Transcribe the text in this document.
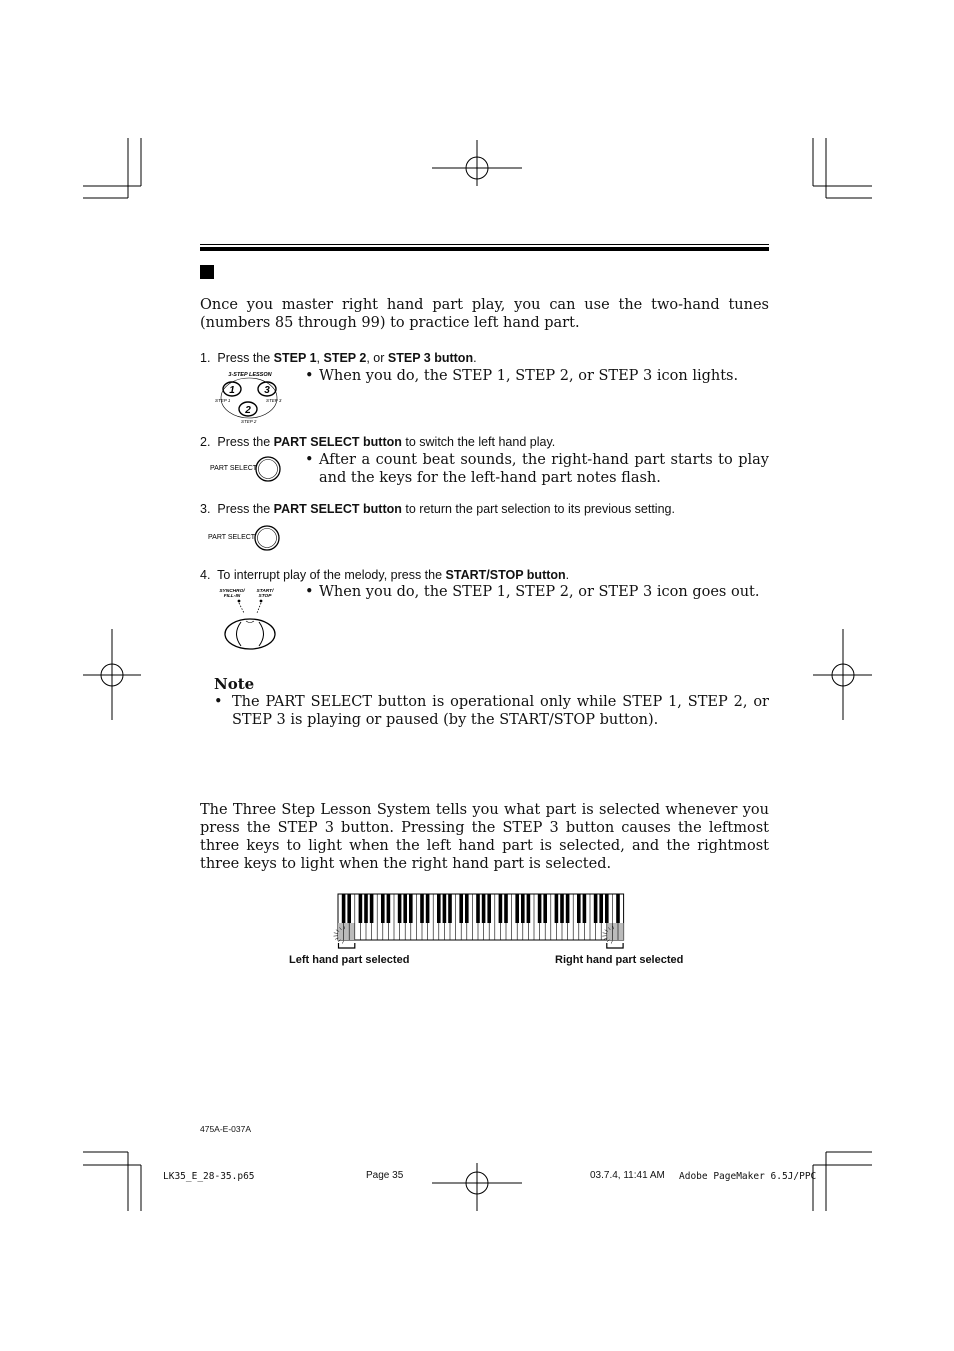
Once you master right hand part play, you can use the two-hand tunes (numbers 85 through 99) to practice left hand part.
1. Press the STEP 1, STEP 2, or STEP 3 button.
• When you do, the STEP 1, STEP 2, or STEP 3 icon lights.
3-STEP LESSON
1	3
2
STEP 1	STEP 3
STEP 2
2. Press the PART SELECT button to switch the left hand play.
• After a count beat sounds, the right-hand part starts to play and the keys for the left-hand part notes flash.
PART SELECT
3. Press the PART SELECT button to return the part selection to its previous setting.
PART SELECT
4. To interrupt play of the melody, press the START/STOP button.
• When you do, the STEP 1, STEP 2, or STEP 3 icon goes out.
SYNCHRO/
FILL-IN
START/
STOP
Note
• The PART SELECT button is operational only while STEP 1, STEP 2, or STEP 3 is playing or paused (by the START/STOP button).
The Three Step Lesson System tells you what part is selected whenever you press the STEP 3 button. Pressing the STEP 3 button causes the leftmost three keys to light when the left hand part is selected, and the rightmost three keys to light when the right hand part is selected.
Left hand part selected	Right hand part selected
475A-E-037A
LK35_E_28-35.p65	Page 35	03.7.4, 11:41 AM Adobe PageMaker 6.5J/PPC
